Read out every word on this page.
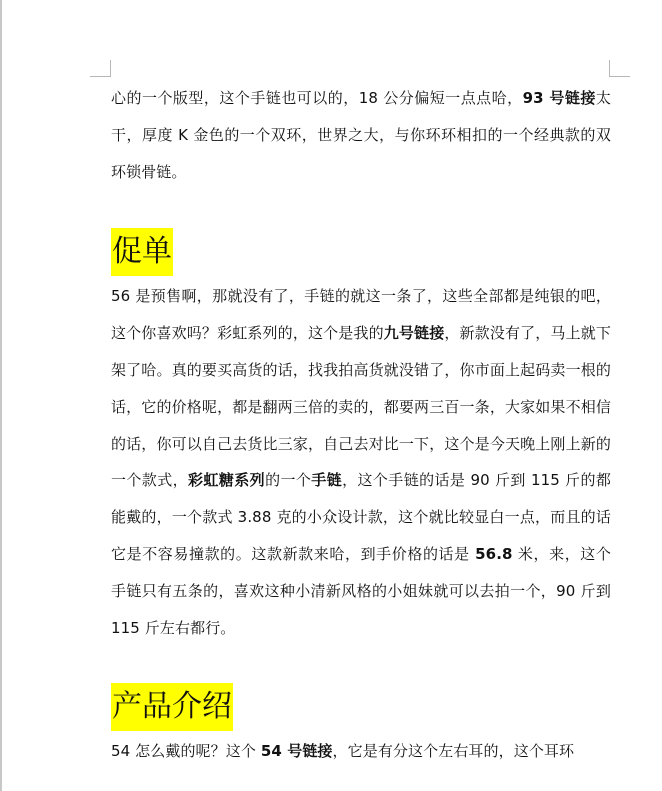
心的一个版型，这个手链也可以的，18 公分偏短一点点哈，93 号链接太干，厚度 K 金色的一个双环，世界之大，与你环环相扣的一个经典款的双环锁骨链。

促单

56 是预售啊，那就没有了，手链的就这一条了，这些全部都是纯银的吧，这个你喜欢吗？彩虹系列的，这个是我的九号链接，新款没有了，马上就下架了哈。真的要买高货的话，找我拍高货就没错了，你市面上起码卖一根的话，它的价格呢，都是翻两三倍的卖的，都要两三百一条，大家如果不相信的话，你可以自己去货比三家，自己去对比一下，这个是今天晚上刚上新的一个款式，彩虹糖系列的一个手链，这个手链的话是 90 斤到 115 斤的都能戴的，一个款式 3.88 克的小众设计款，这个就比较显白一点，而且的话它是不容易撞款的。这款新款来哈，到手价格的话是 56.8 米，来，这个手链只有五条的，喜欢这种小清新风格的小姐妹就可以去拍一个，90 斤到 115 斤左右都行。

产品介绍

54 怎么戴的呢？这个 54 号链接，它是有分这个左右耳的，这个耳环
